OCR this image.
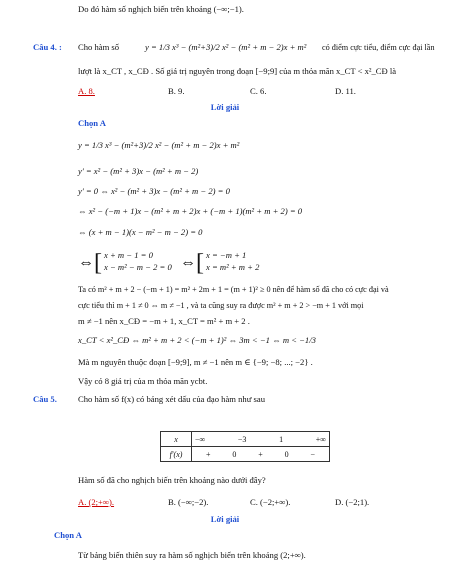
Do đó hàm số nghịch biến trên khoảng (−∞;−1).
Câu 4. : Cho hàm số	y = 1/3 x³ − (m²+3)/2 x² − (m² + m − 2)x + m² có điểm cực tiểu, điểm cực đại lần
lượt là x_CT , x_CĐ . Số giá trị nguyên trong đoạn [−9;9] của m thỏa mãn x_CT < x²_CĐ là
A. 8.	B. 9.	C. 6.	D. 11.
Lời giải
Chọn A
y = 1/3 x³ − (m²+3)/2 x² − (m² + m − 2)x + m²
y′ = x² − (m² + 3)x − (m² + m − 2)
y′ = 0 ⇔ x² − (m² + 3)x − (m² + m − 2) = 0
⇔ x² − (−m + 1)x − (m² + m + 2)x + (−m + 1)(m² + m + 2) = 0
⇔ (x + m − 1)(x − m² − m − 2) = 0
⇔ [ x + m − 1 = 0
x − m² − m − 2 = 0 ⇔ [ x = −m + 1
x = m² + m + 2
Ta có m² + m + 2 − (−m + 1) = m² + 2m + 1 = (m + 1)² ≥ 0 nên để hàm số đã cho có cực đại và
cực tiểu thì m + 1 ≠ 0 ⇔ m ≠ −1 , và ta cũng suy ra được m² + m + 2 > −m + 1 với mọi
m ≠ −1 nên x_CĐ = −m + 1, x_CT = m² + m + 2 .
x_CT < x²_CĐ ⇔ m² + m + 2 < (−m + 1)² ⇔ 3m < −1 ⇔ m < −1/3
Mà m nguyên thuộc đoạn [−9;9], m ≠ −1 nên m ∈ {−9; −8; ...; −2} .
Vậy có 8 giá trị của m thỏa mãn ycbt.
Câu 5. Cho hàm số f(x) có bảng xét dấu của đạo hàm như sau
x	−∞ −3 1 +∞

f′(x)	+ 0 + 0 −
Hàm số đã cho nghịch biến trên khoảng nào dưới đây?
A. (2;+∞).	B. (−∞;−2).	C. (−2;+∞).	D. (−2;1).
Lời giải
Chọn A
Từ bảng biến thiên suy ra hàm số nghịch biến trên khoảng (2;+∞).
